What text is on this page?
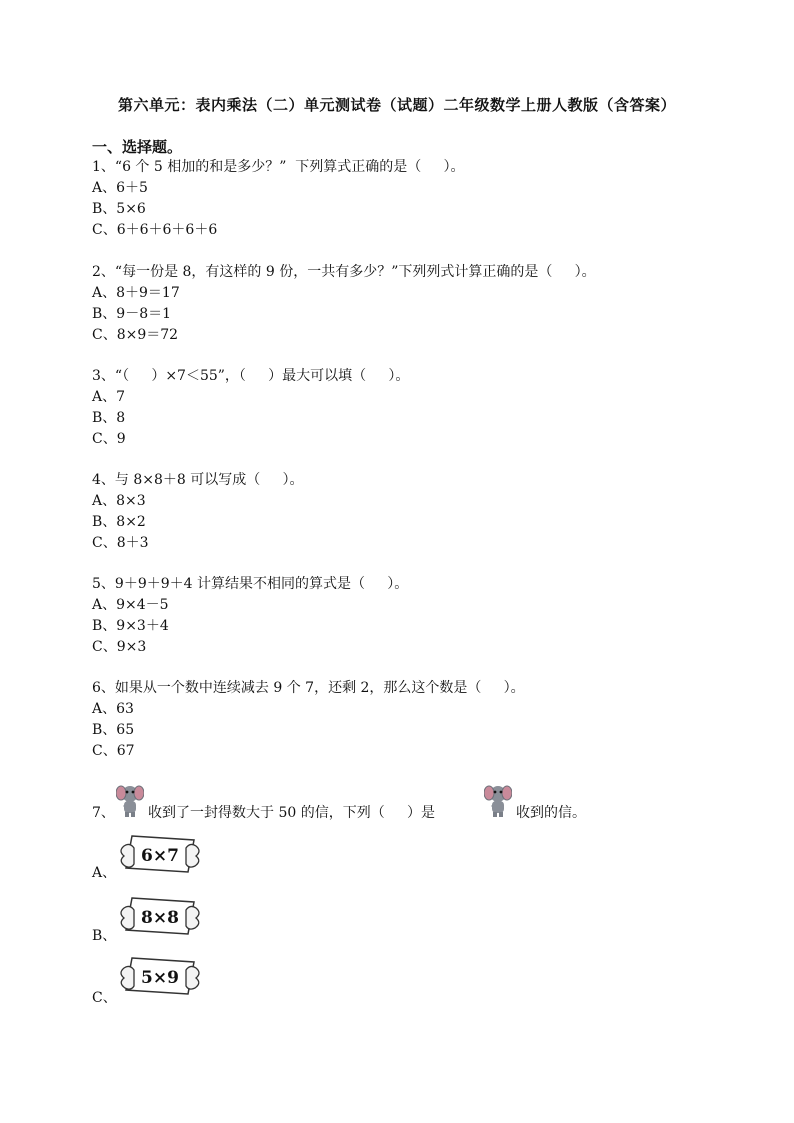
第六单元：表内乘法（二）单元测试卷（试题）二年级数学上册人教版（含答案）
一、选择题。
1、“6 个 5 相加的和是多少？”  下列算式正确的是（     ）。
A、6＋5
B、5×6
C、6＋6＋6＋6＋6
2、“每一份是 8，有这样的 9 份，一共有多少？”下列列式计算正确的是（     ）。
A、8＋9＝17
B、9－8＝1
C、8×9＝72
3、“（     ）×7＜55”，（     ）最大可以填（     ）。
A、7
B、8
C、9
4、与 8×8＋8 可以写成（     ）。
A、8×3
B、8×2
C、8＋3
5、9＋9＋9＋4 计算结果不相同的算式是（     ）。
A、9×4－5
B、9×3＋4
C、9×3
6、如果从一个数中连续减去 9 个 7，还剩 2，那么这个数是（     ）。
A、63
B、65
C、67
7、 收到了一封得数大于 50 的信，下列（     ）是	收到的信。
A、
6×7
B、
8×8
C、
5×9
